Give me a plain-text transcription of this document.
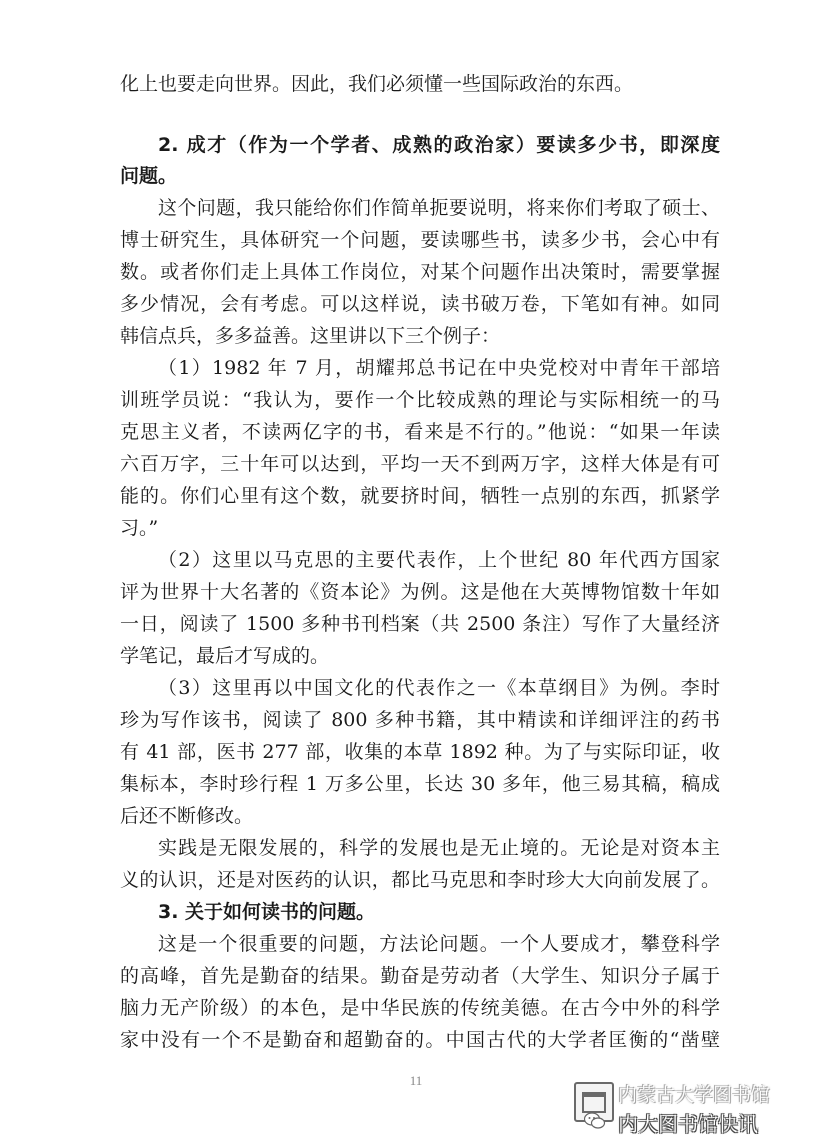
化上也要走向世界。因此，我们必须懂一些国际政治的东西。
2. 成才（作为一个学者、成熟的政治家）要读多少书，即深度
问题。
这个问题，我只能给你们作简单扼要说明，将来你们考取了硕士、
博士研究生，具体研究一个问题，要读哪些书，读多少书，会心中有
数。或者你们走上具体工作岗位，对某个问题作出决策时，需要掌握
多少情况，会有考虑。可以这样说，读书破万卷，下笔如有神。如同
韩信点兵，多多益善。这里讲以下三个例子：
（1）1982 年 7 月，胡耀邦总书记在中央党校对中青年干部培
训班学员说：“我认为，要作一个比较成熟的理论与实际相统一的马
克思主义者，不读两亿字的书，看来是不行的。”他说：“如果一年读
六百万字，三十年可以达到，平均一天不到两万字，这样大体是有可
能的。你们心里有这个数，就要挤时间，牺牲一点别的东西，抓紧学
习。”
（2）这里以马克思的主要代表作，上个世纪 80 年代西方国家
评为世界十大名著的《资本论》为例。这是他在大英博物馆数十年如
一日，阅读了 1500 多种书刊档案（共 2500 条注）写作了大量经济
学笔记，最后才写成的。
（3）这里再以中国文化的代表作之一《本草纲目》为例。李时
珍为写作该书，阅读了 800 多种书籍，其中精读和详细评注的药书
有 41 部，医书 277 部，收集的本草 1892 种。为了与实际印证，收
集标本，李时珍行程 1 万多公里，长达 30 多年，他三易其稿，稿成
后还不断修改。
实践是无限发展的，科学的发展也是无止境的。无论是对资本主
义的认识，还是对医药的认识，都比马克思和李时珍大大向前发展了。
3. 关于如何读书的问题。
这是一个很重要的问题，方法论问题。一个人要成才，攀登科学
的高峰，首先是勤奋的结果。勤奋是劳动者（大学生、知识分子属于
脑力无产阶级）的本色，是中华民族的传统美德。在古今中外的科学
家中没有一个不是勤奋和超勤奋的。中国古代的大学者匡衡的“凿壁
11
内蒙古大学图书馆
内大图书馆快讯
